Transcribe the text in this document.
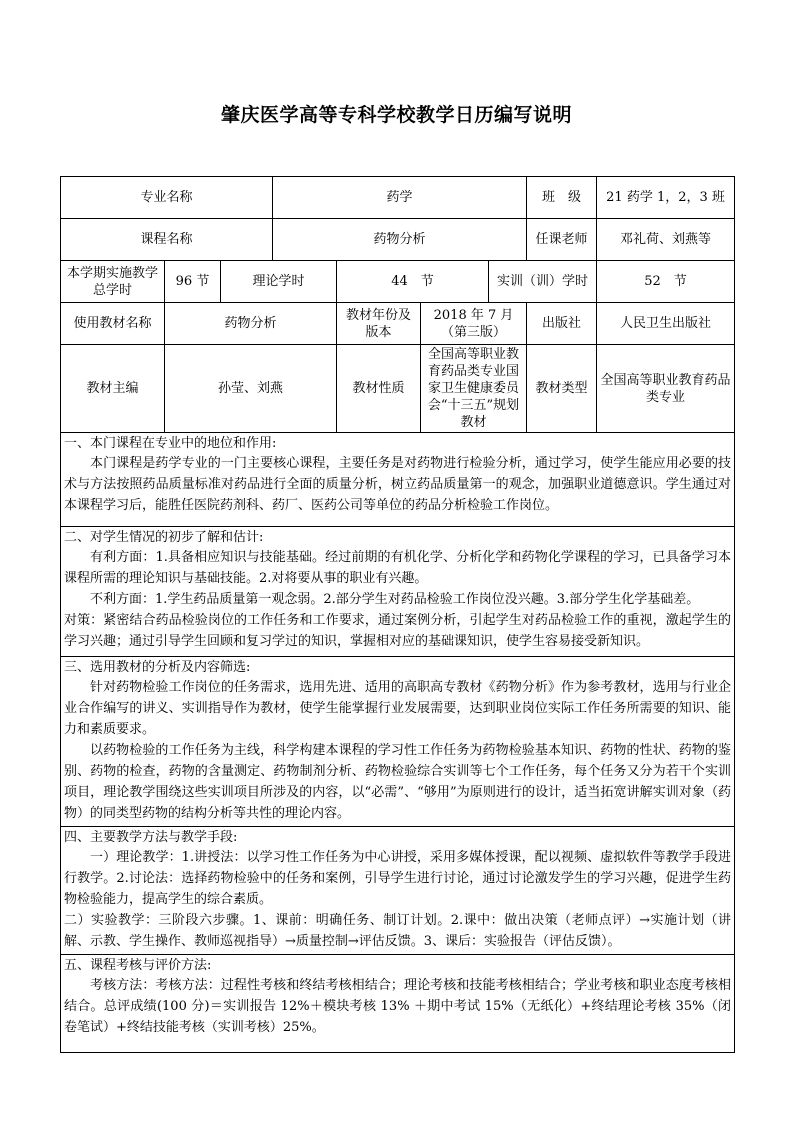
肇庆医学高等专科学校教学日历编写说明
专业名称			药学				班　级	21 药学 1，2，3 班
课程名称			药物分析				任课老师	邓礼荷、刘燕等
本学期实施教学总学时	96 节	理论学时		44　节		实训（训）学时		52　节
使用教材名称	药物分析			教材年份及版本	2018 年 7 月（第三版）		出版社	人民卫生出版社
教材主编	孙莹、刘燕			教材性质	全国高等职业教育药品类专业国家卫生健康委员会“十三五”规划教材		教材类型	全国高等职业教育药品类专业

一、本门课程在专业中的地位和作用:

本门课程是药学专业的一门主要核心课程，主要任务是对药物进行检验分析，通过学习，使学生能应用必要的技术与方法按照药品质量标准对药品进行全面的质量分析，树立药品质量第一的观念，加强职业道德意识。学生通过对本课程学习后，能胜任医院药剂科、药厂、医药公司等单位的药品分析检验工作岗位。								

二、对学生情况的初步了解和估计:

有利方面：1.具备相应知识与技能基础。经过前期的有机化学、分析化学和药物化学课程的学习，已具备学习本课程所需的理论知识与基础技能。2.对将要从事的职业有兴趣。

不利方面：1.学生药品质量第一观念弱。2.部分学生对药品检验工作岗位没兴趣。3.部分学生化学基础差。

对策：紧密结合药品检验岗位的工作任务和工作要求，通过案例分析，引起学生对药品检验工作的重视，激起学生的学习兴趣；通过引导学生回顾和复习学过的知识，掌握相对应的基础课知识，使学生容易接受新知识。								

三、选用教材的分析及内容筛选:

针对药物检验工作岗位的任务需求，选用先进、适用的高职高专教材《药物分析》作为参考教材，选用与行业企业合作编写的讲义、实训指导作为教材，使学生能掌握行业发展需要，达到职业岗位实际工作任务所需要的知识、能力和素质要求。

以药物检验的工作任务为主线，科学构建本课程的学习性工作任务为药物检验基本知识、药物的性状、药物的鉴别、药物的检查，药物的含量测定、药物制剂分析、药物检验综合实训等七个工作任务，每个任务又分为若干个实训项目，理论教学围绕这些实训项目所涉及的内容，以“必需”、“够用”为原则进行的设计，适当拓宽讲解实训对象（药物）的同类型药物的结构分析等共性的理论内容。								

四、主要教学方法与教学手段:

一）理论教学：1.讲授法：以学习性工作任务为中心讲授，采用多媒体授课，配以视频、虚拟软件等教学手段进行教学。2.讨论法：选择药物检验中的任务和案例，引导学生进行讨论，通过讨论激发学生的学习兴趣，促进学生药物检验能力，提高学生的综合素质。

二）实验教学：三阶段六步骤。1、课前：明确任务、制订计划。2.课中：做出决策（老师点评）→实施计划（讲解、示教、学生操作、教师巡视指导）→质量控制→评估反馈。3、课后：实验报告（评估反馈）。								

五、课程考核与评价方法:

考核方法：考核方法：过程性考核和终结考核相结合；理论考核和技能考核相结合；学业考核和职业态度考核相结合。总评成绩(100 分)＝实训报告 12%＋模块考核 13% ＋期中考试 15%（无纸化）+终结理论考核 35%（闭卷笔试）+终结技能考核（实训考核）25%。								
